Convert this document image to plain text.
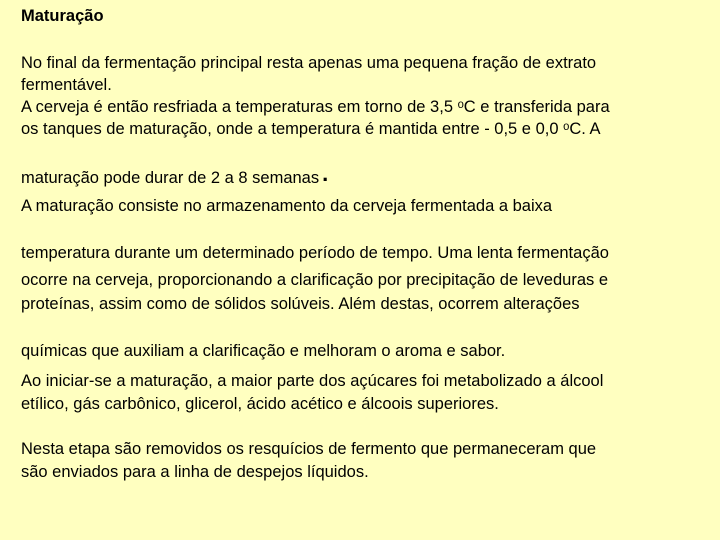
Maturação
No final da fermentação principal resta apenas uma pequena fração de extrato
fermentável.
A cerveja é então resfriada a temperaturas em torno de 3,5 ᵒC e transferida para
os tanques de maturação, onde a temperatura é mantida entre - 0,5 e 0,0 ᵒC. A
maturação pode durar de 2 a 8 semanas .
A maturação consiste no armazenamento da cerveja fermentada a baixa
temperatura durante um determinado período de tempo. Uma lenta fermentação
ocorre na cerveja, proporcionando a clarificação por precipitação de leveduras e
proteínas, assim como de sólidos solúveis. Além destas, ocorrem alterações
químicas que auxiliam a clarificação e melhoram o aroma e sabor.
Ao iniciar-se a maturação, a maior parte dos açúcares foi metabolizado a álcool
etílico, gás carbônico, glicerol, ácido acético e álcoois superiores.
Nesta etapa são removidos os resquícios de fermento que permaneceram que
são enviados para a linha de despejos líquidos.
